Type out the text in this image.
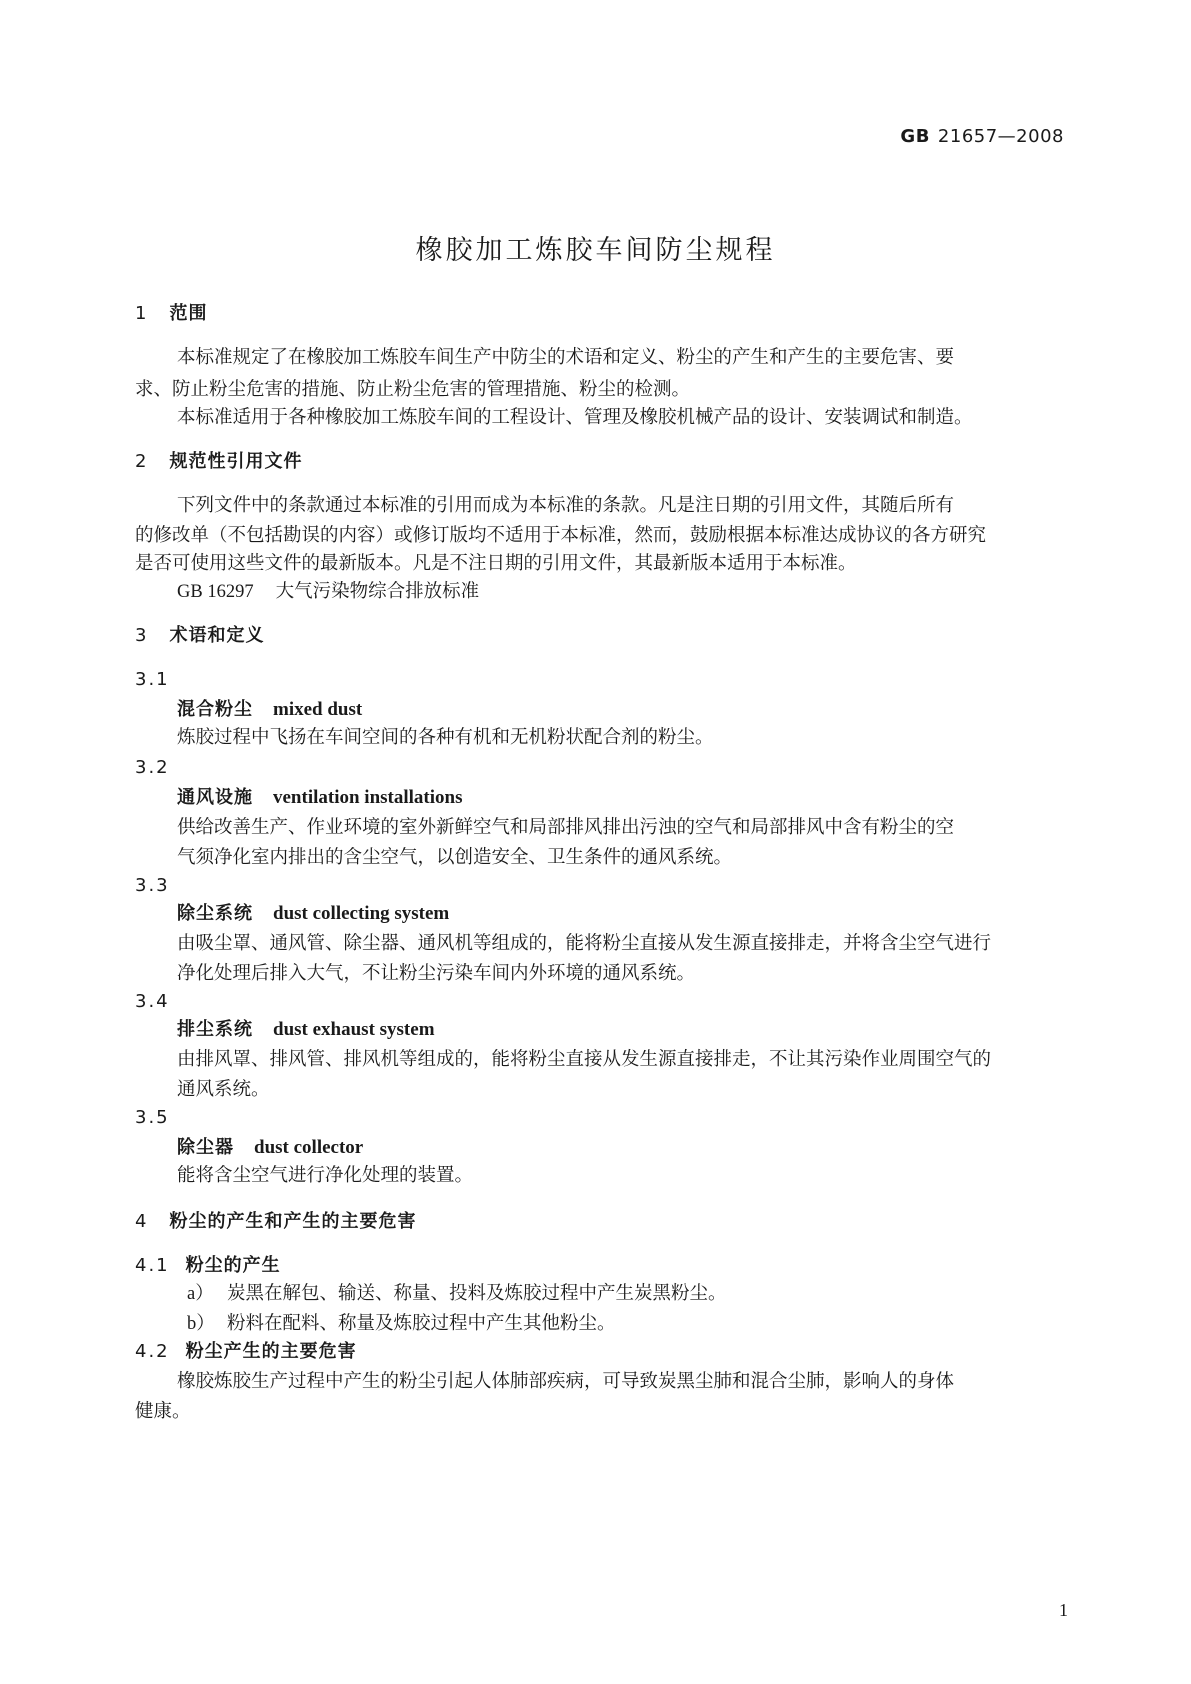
GB 21657—2008
橡胶加工炼胶车间防尘规程
1 范围
本标准规定了在橡胶加工炼胶车间生产中防尘的术语和定义、粉尘的产生和产生的主要危害、要
求、防止粉尘危害的措施、防止粉尘危害的管理措施、粉尘的检测。
本标准适用于各种橡胶加工炼胶车间的工程设计、管理及橡胶机械产品的设计、安装调试和制造。
2 规范性引用文件
下列文件中的条款通过本标准的引用而成为本标准的条款。凡是注日期的引用文件，其随后所有
的修改单（不包括勘误的内容）或修订版均不适用于本标准，然而，鼓励根据本标准达成协议的各方研究
是否可使用这些文件的最新版本。凡是不注日期的引用文件，其最新版本适用于本标准。
GB 16297 大气污染物综合排放标准
3 术语和定义
3.1
混合粉尘 mixed dust
炼胶过程中飞扬在车间空间的各种有机和无机粉状配合剂的粉尘。
3.2
通风设施 ventilation installations
供给改善生产、作业环境的室外新鲜空气和局部排风排出污浊的空气和局部排风中含有粉尘的空
气须净化室内排出的含尘空气，以创造安全、卫生条件的通风系统。
3.3
除尘系统 dust collecting system
由吸尘罩、通风管、除尘器、通风机等组成的，能将粉尘直接从发生源直接排走，并将含尘空气进行
净化处理后排入大气，不让粉尘污染车间内外环境的通风系统。
3.4
排尘系统 dust exhaust system
由排风罩、排风管、排风机等组成的，能将粉尘直接从发生源直接排走，不让其污染作业周围空气的
通风系统。
3.5
除尘器 dust collector
能将含尘空气进行净化处理的装置。
4 粉尘的产生和产生的主要危害
4.1 粉尘的产生
a） 炭黑在解包、输送、称量、投料及炼胶过程中产生炭黑粉尘。
b） 粉料在配料、称量及炼胶过程中产生其他粉尘。
4.2 粉尘产生的主要危害
橡胶炼胶生产过程中产生的粉尘引起人体肺部疾病，可导致炭黑尘肺和混合尘肺，影响人的身体
健康。
1
